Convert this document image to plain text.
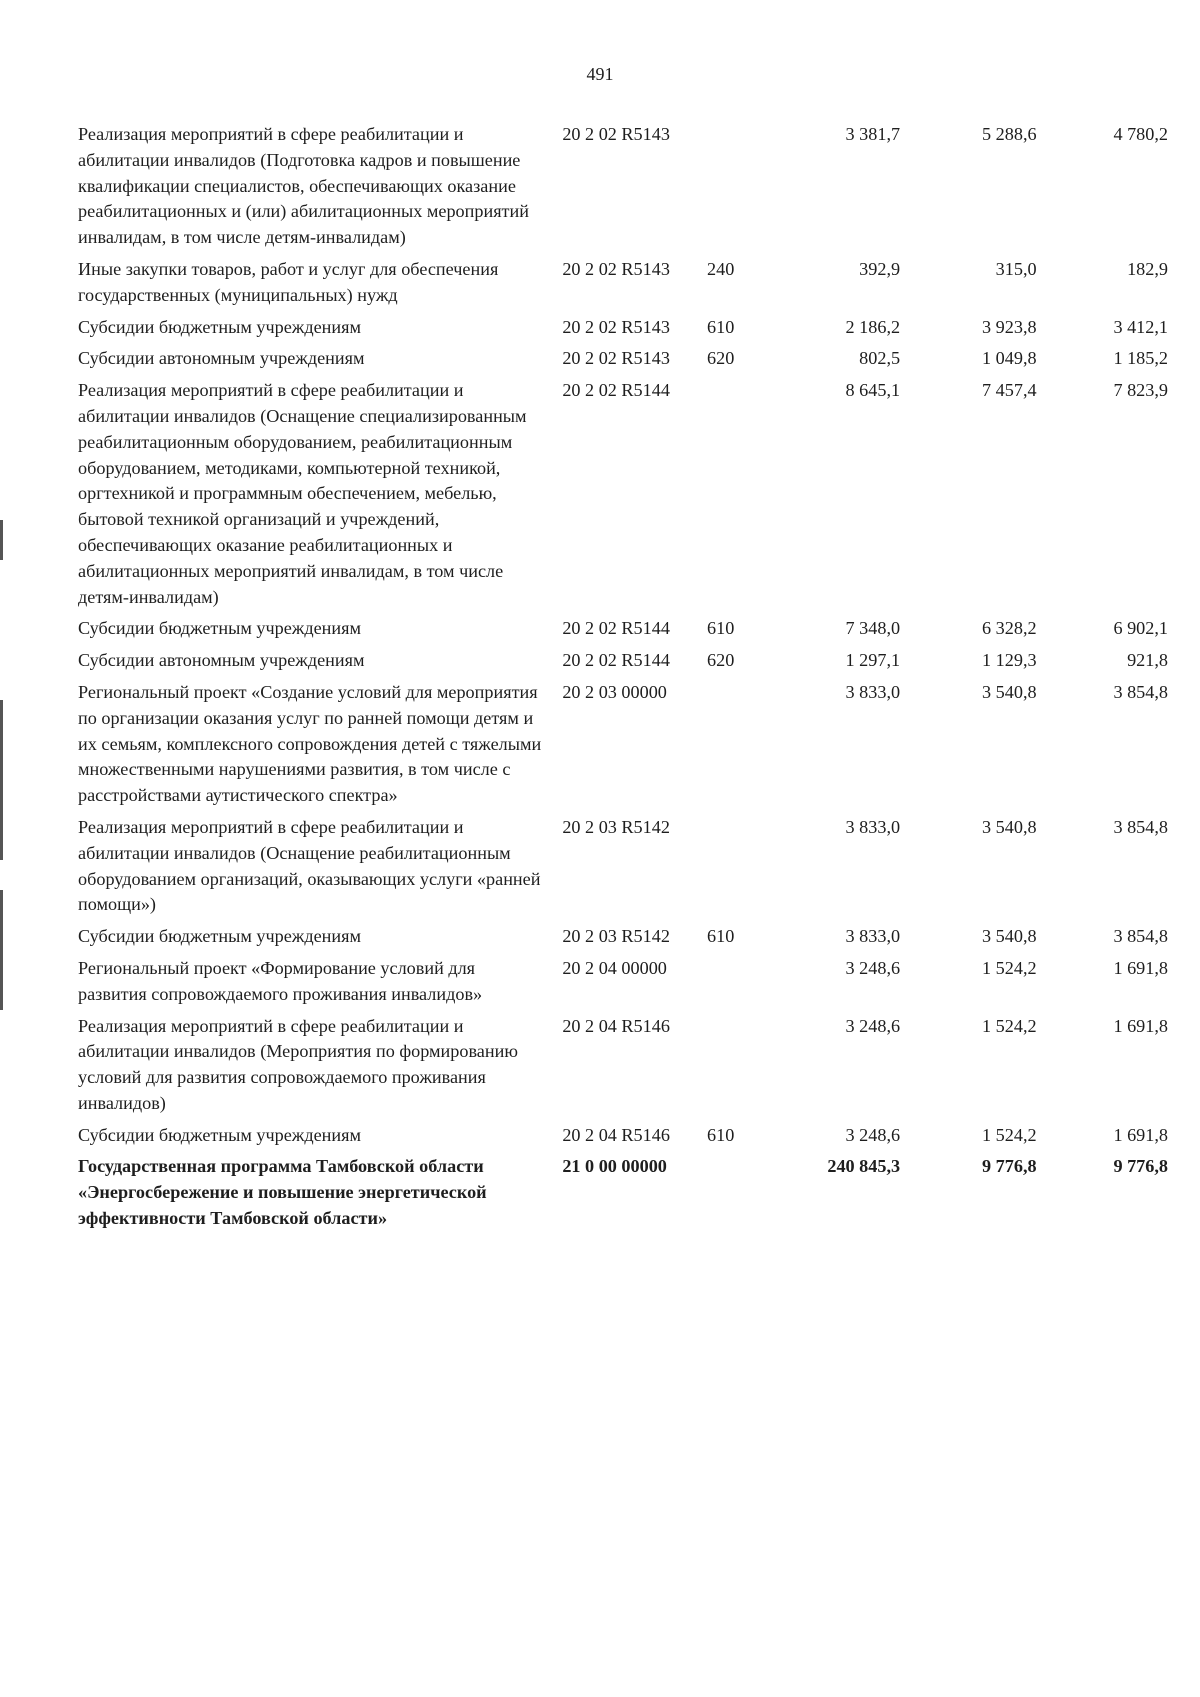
491
Реализация мероприятий в сфере реабилитации и абилитации инвалидов (Подготовка кадров и повышение квалификации специалистов, обеспечивающих оказание реабилитационных и (или) абилитационных мероприятий инвалидам, в том числе детям-инвалидам)	20 2 02 R5143		3 381,7	5 288,6	4 780,2
Иные закупки товаров, работ и услуг для обеспечения государственных (муниципальных) нужд	20 2 02 R5143	240	392,9	315,0	182,9
Субсидии бюджетным учреждениям	20 2 02 R5143	610	2 186,2	3 923,8	3 412,1
Субсидии автономным учреждениям	20 2 02 R5143	620	802,5	1 049,8	1 185,2
Реализация мероприятий в сфере реабилитации и абилитации инвалидов (Оснащение специализированным реабилитационным оборудованием, реабилитационным оборудованием, методиками, компьютерной техникой, оргтехникой и программным обеспечением, мебелью, бытовой техникой организаций и учреждений, обеспечивающих оказание реабилитационных и абилитационных мероприятий инвалидам, в том числе детям-инвалидам)	20 2 02 R5144		8 645,1	7 457,4	7 823,9
Субсидии бюджетным учреждениям	20 2 02 R5144	610	7 348,0	6 328,2	6 902,1
Субсидии автономным учреждениям	20 2 02 R5144	620	1 297,1	1 129,3	921,8
Региональный проект «Создание условий для мероприятия по организации оказания услуг по ранней помощи детям и их семьям, комплексного сопровождения детей с тяжелыми множественными нарушениями развития, в том числе с расстройствами аутистического спектра»	20 2 03 00000		3 833,0	3 540,8	3 854,8
Реализация мероприятий в сфере реабилитации и абилитации инвалидов (Оснащение реабилитационным оборудованием организаций, оказывающих услуги «ранней помощи»)	20 2 03 R5142		3 833,0	3 540,8	3 854,8
Субсидии бюджетным учреждениям	20 2 03 R5142	610	3 833,0	3 540,8	3 854,8
Региональный проект «Формирование условий для развития сопровождаемого проживания инвалидов»	20 2 04 00000		3 248,6	1 524,2	1 691,8
Реализация мероприятий в сфере реабилитации и абилитации инвалидов (Мероприятия по формированию условий для развития сопровождаемого проживания инвалидов)	20 2 04 R5146		3 248,6	1 524,2	1 691,8
Субсидии бюджетным учреждениям	20 2 04 R5146	610	3 248,6	1 524,2	1 691,8
Государственная программа Тамбовской области «Энергосбережение и повышение энергетической эффективности Тамбовской области»	21 0 00 00000		240 845,3	9 776,8	9 776,8
